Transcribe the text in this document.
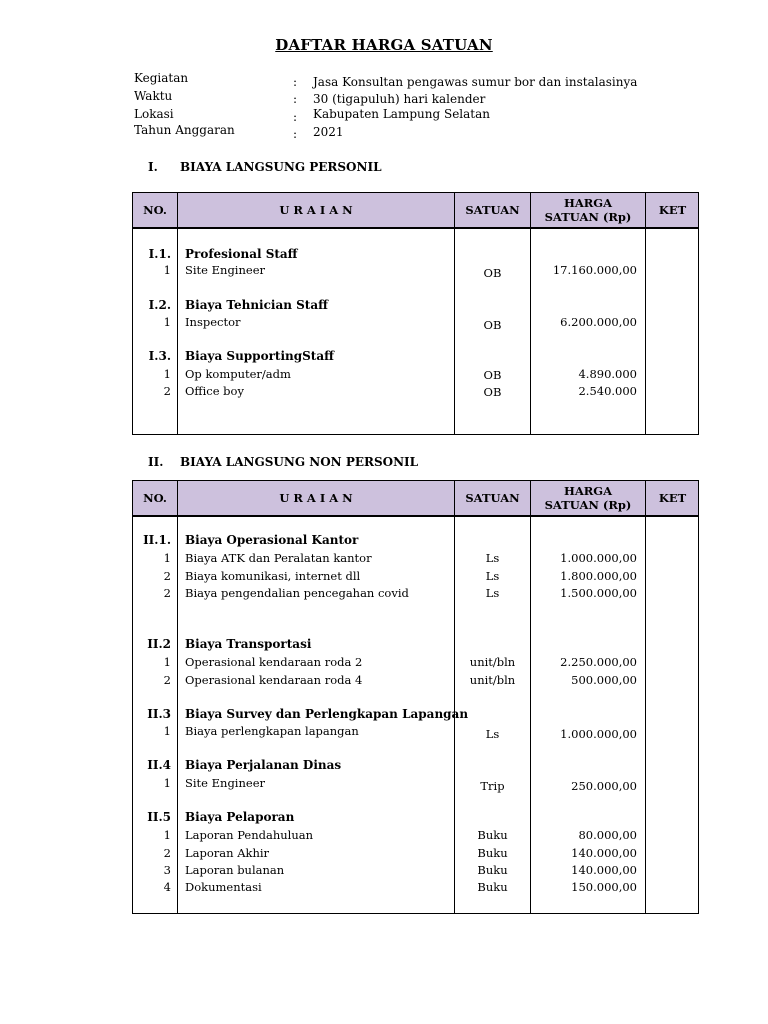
DAFTAR HARGA SATUAN
Kegiatan	: Jasa Konsultan pengawas sumur bor dan instalasinya
Waktu	: 30 (tigapuluh) hari kalender
Lokasi	: Kabupaten Lampung Selatan
Tahun Anggaran	: 2021
I. BIAYA LANGSUNG PERSONIL
NO.	U R A I A N	SATUAN	HARGA SATUAN (Rp)	KET
I.1. Profesional Staff
1 Site Engineer	OB	17.160.000,00
I.2. Biaya Tehnician Staff
1 Inspector	OB	6.200.000,00
I.3. Biaya SupportingStaff
1 Op komputer/adm	OB	4.890.000
2 Office boy	OB	2.540.000
II. BIAYA LANGSUNG NON PERSONIL
NO.	U R A I A N	SATUAN	HARGA SATUAN (Rp)	KET
II.1. Biaya Operasional Kantor
1 Biaya ATK dan Peralatan kantor	Ls	1.000.000,00
2 Biaya komunikasi, internet dll	Ls	1.800.000,00
2 Biaya pengendalian pencegahan covid	Ls	1.500.000,00
II.2 Biaya Transportasi
1 Operasional kendaraan roda 2	unit/bln	2.250.000,00
2 Operasional kendaraan roda 4	unit/bln	500.000,00
II.3 Biaya Survey dan Perlengkapan Lapangan
1 Biaya perlengkapan lapangan	Ls	1.000.000,00
II.4 Biaya Perjalanan Dinas
1 Site Engineer	Trip	250.000,00
II.5 Biaya Pelaporan
1 Laporan Pendahuluan	Buku	80.000,00
2 Laporan Akhir	Buku	140.000,00
3 Laporan bulanan	Buku	140.000,00
4 Dokumentasi	Buku	150.000,00
